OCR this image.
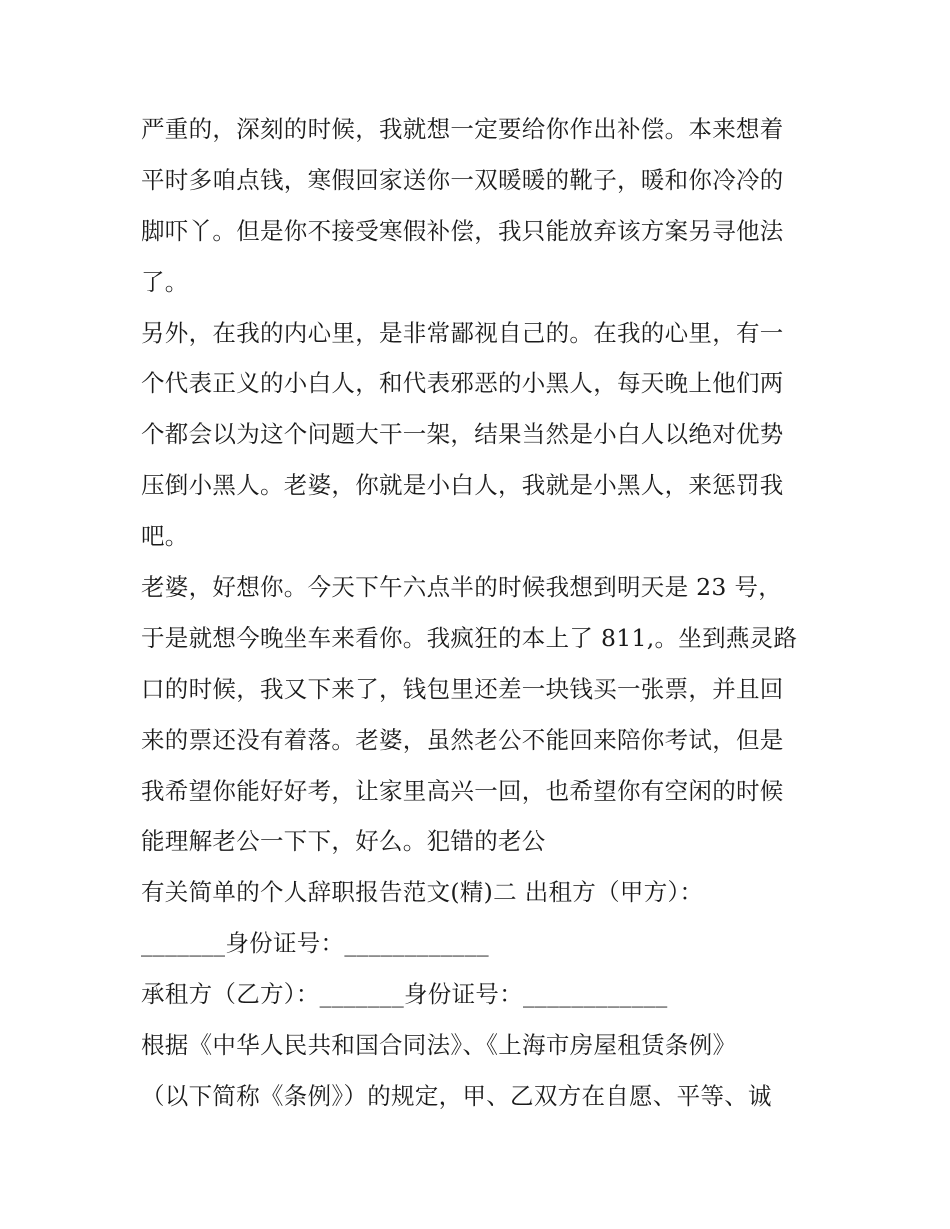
严重的，深刻的时候，我就想一定要给你作出补偿。本来想着
平时多咱点钱，寒假回家送你一双暖暖的靴子，暖和你冷冷的
脚吓丫。但是你不接受寒假补偿，我只能放弃该方案另寻他法
了。
另外，在我的内心里，是非常鄙视自己的。在我的心里，有一
个代表正义的小白人，和代表邪恶的小黑人，每天晚上他们两
个都会以为这个问题大干一架，结果当然是小白人以绝对优势
压倒小黑人。老婆，你就是小白人，我就是小黑人，来惩罚我
吧。
老婆，好想你。今天下午六点半的时候我想到明天是 23 号，
于是就想今晚坐车来看你。我疯狂的本上了 811,。坐到燕灵路
口的时候，我又下来了，钱包里还差一块钱买一张票，并且回
来的票还没有着落。老婆，虽然老公不能回来陪你考试，但是
我希望你能好好考，让家里高兴一回，也希望你有空闲的时候
能理解老公一下下，好么。犯错的老公
有关简单的个人辞职报告范文(精)二 出租方（甲方）：
_______身份证号：____________
承租方（乙方）：_______身份证号：____________
根据《中华人民共和国合同法》、《上海市房屋租赁条例》
（以下简称《条例》）的规定，甲、乙双方在自愿、平等、诚
